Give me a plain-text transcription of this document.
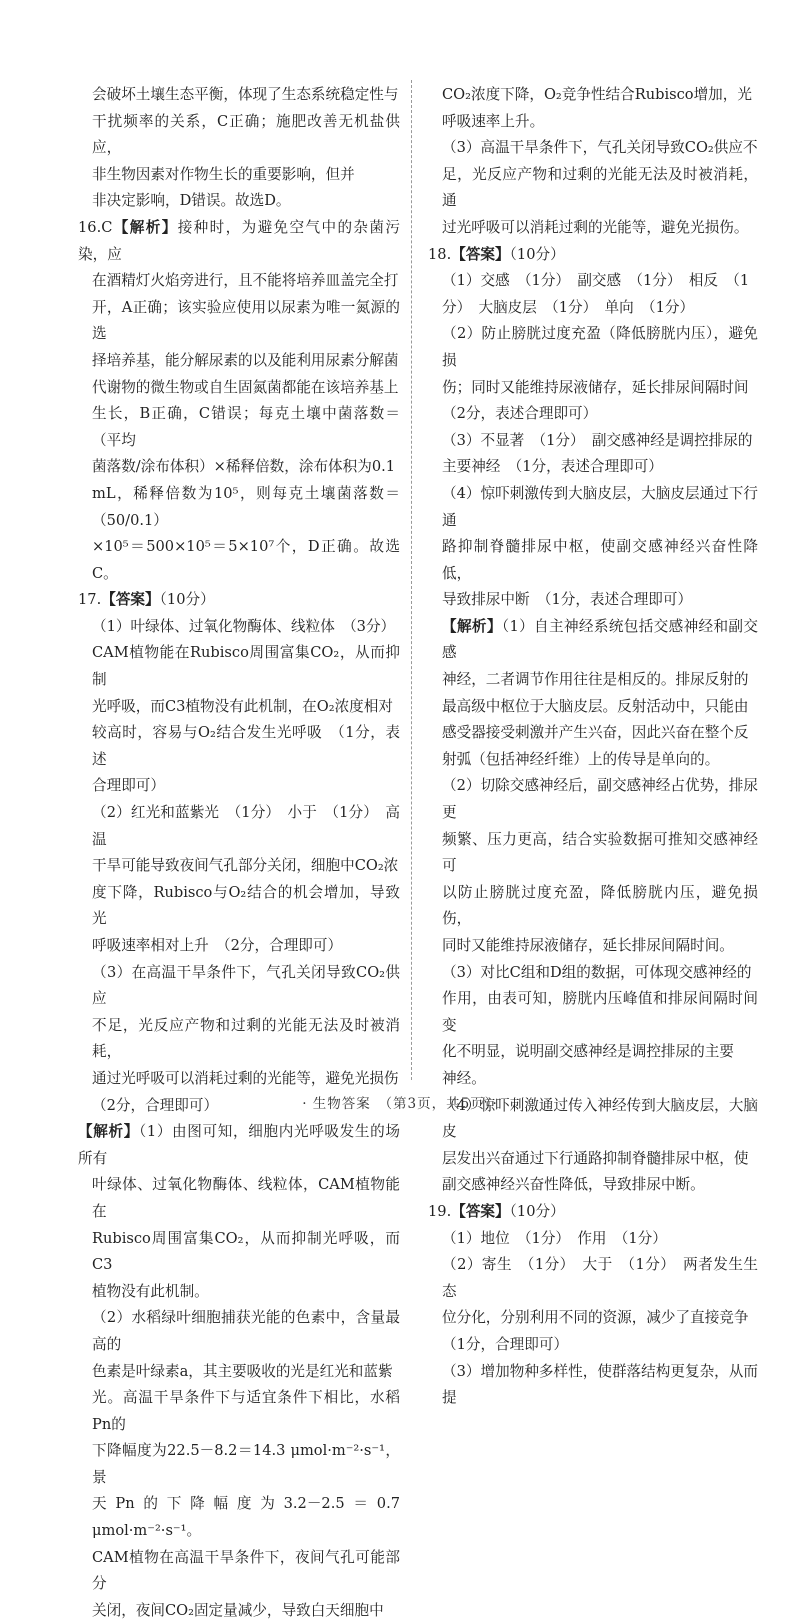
会破坏土壤生态平衡，体现了生态系统稳定性与

干扰频率的关系，C正确；施肥改善无机盐供应，

非生物因素对作物生长的重要影响，但并

非决定影响，D错误。故选D。

16.C【解析】接种时，为避免空气中的杂菌污染，应

在酒精灯火焰旁进行，且不能将培养皿盖完全打

开，A正确；该实验应使用以尿素为唯一氮源的选

择培养基，能分解尿素的以及能利用尿素分解菌

代谢物的微生物或自生固氮菌都能在该培养基上

生长，B正确，C错误；每克土壤中菌落数＝（平均

菌落数/涂布体积）×稀释倍数，涂布体积为0.1

mL，稀释倍数为10⁵，则每克土壤菌落数＝（50/0.1）

×10⁵＝500×10⁵＝5×10⁷个，D正确。故选C。

17.【答案】（10分）

（1）叶绿体、过氧化物酶体、线粒体　（3分）

CAM植物能在Rubisco周围富集CO₂，从而抑制

光呼吸，而C3植物没有此机制，在O₂浓度相对

较高时，容易与O₂结合发生光呼吸　（1分，表述

合理即可）

（2）红光和蓝紫光　（1分）　小于　（1分）　高温

干旱可能导致夜间气孔部分关闭，细胞中CO₂浓

度下降，Rubisco与O₂结合的机会增加，导致光

呼吸速率相对上升　（2分，合理即可）

（3）在高温干旱条件下，气孔关闭导致CO₂供应

不足，光反应产物和过剩的光能无法及时被消耗，

通过光呼吸可以消耗过剩的光能等，避免光损伤

（2分，合理即可）

【解析】（1）由图可知，细胞内光呼吸发生的场所有

叶绿体、过氧化物酶体、线粒体，CAM植物能在

Rubisco周围富集CO₂，从而抑制光呼吸，而C3

植物没有此机制。

（2）水稻绿叶细胞捕获光能的色素中，含量最高的

色素是叶绿素a，其主要吸收的光是红光和蓝紫

光。高温干旱条件下与适宜条件下相比，水稻Pn的

下降幅度为22.5－8.2＝14.3 μmol·m⁻²·s⁻¹，景

天Pn的下降幅度为3.2－2.5＝0.7 μmol·m⁻²·s⁻¹。

CAM植物在高温干旱条件下，夜间气孔可能部分

关闭，夜间CO₂固定量减少，导致白天细胞中

CO₂浓度下降，O₂竞争性结合Rubisco增加，光

呼吸速率上升。

（3）高温干旱条件下，气孔关闭导致CO₂供应不

足，光反应产物和过剩的光能无法及时被消耗，通

过光呼吸可以消耗过剩的光能等，避免光损伤。

18.【答案】（10分）

（1）交感　（1分）　副交感　（1分）　相反　（1

分）　大脑皮层　（1分）　单向　（1分）

（2）防止膀胱过度充盈（降低膀胱内压），避免损

伤；同时又能维持尿液储存，延长排尿间隔时间

（2分，表述合理即可）

（3）不显著　（1分）　副交感神经是调控排尿的

主要神经　（1分，表述合理即可）

（4）惊吓刺激传到大脑皮层，大脑皮层通过下行通

路抑制脊髓排尿中枢，使副交感神经兴奋性降低，

导致排尿中断　（1分，表述合理即可）

【解析】（1）自主神经系统包括交感神经和副交感

神经，二者调节作用往往是相反的。排尿反射的

最高级中枢位于大脑皮层。反射活动中，只能由

感受器接受刺激并产生兴奋，因此兴奋在整个反

射弧（包括神经纤维）上的传导是单向的。

（2）切除交感神经后，副交感神经占优势，排尿更

频繁、压力更高，结合实验数据可推知交感神经可

以防止膀胱过度充盈，降低膀胱内压，避免损伤，

同时又能维持尿液储存，延长排尿间隔时间。

（3）对比C组和D组的数据，可体现交感神经的

作用，由表可知，膀胱内压峰值和排尿间隔时间变

化不明显，说明副交感神经是调控排尿的主要

神经。

（4）惊吓刺激通过传入神经传到大脑皮层，大脑皮

层发出兴奋通过下行通路抑制脊髓排尿中枢，使

副交感神经兴奋性降低，导致排尿中断。

19.【答案】（10分）

（1）地位　（1分）　作用　（1分）

（2）寄生　（1分）　大于　（1分）　两者发生生态

位分化，分别利用不同的资源，减少了直接竞争

（1分，合理即可）

（3）增加物种多样性，使群落结构更复杂，从而提

· 生物答案　（第3页，共5页）·
